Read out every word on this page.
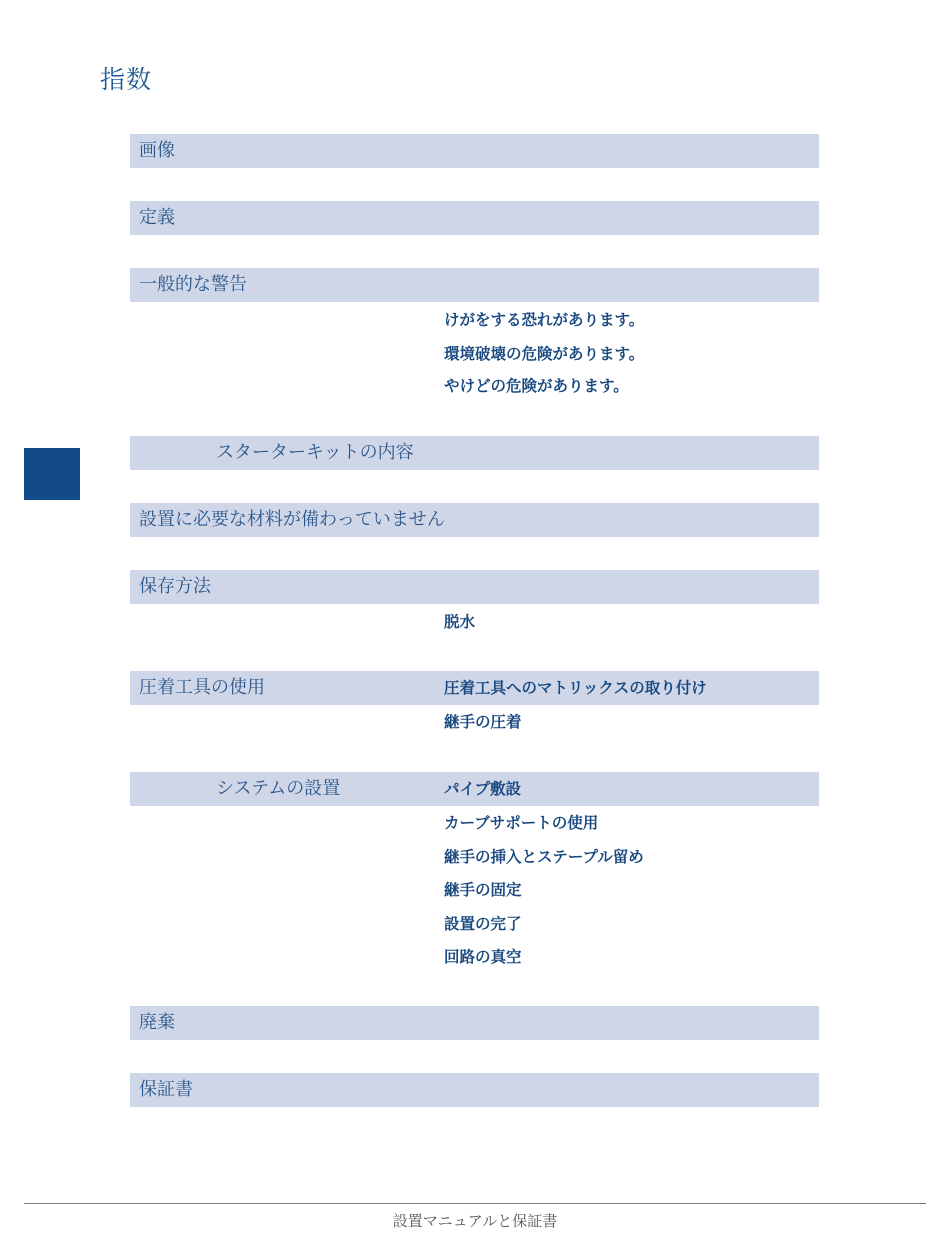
指数
画像
定義
一般的な警告
けがをする恐れがあります。
環境破壊の危険があります。
やけどの危険があります。
スターターキットの内容
設置に必要な材料が備わっていません
保存方法
脱水
圧着工具の使用	圧着工具へのマトリックスの取り付け
継手の圧着
システムの設置	パイプ敷設
カーブサポートの使用
継手の挿入とステープル留め
継手の固定
設置の完了
回路の真空
廃棄
保証書
設置マニュアルと保証書
